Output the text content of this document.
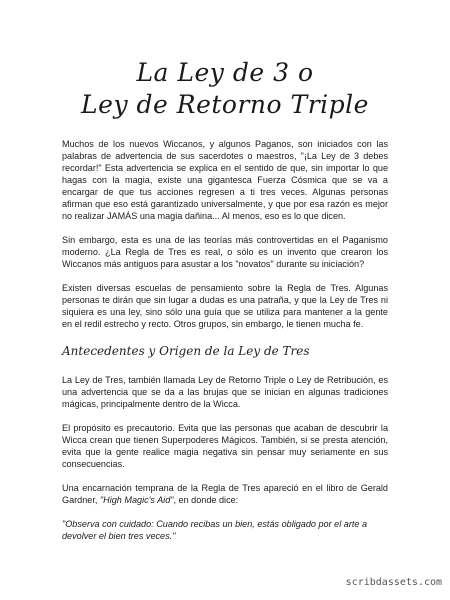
La Ley de 3 o
Ley de Retorno Triple

Muchos de los nuevos Wiccanos, y algunos Paganos, son iniciados con las palabras de advertencia de sus sacerdotes o maestros, "¡La Ley de 3 debes recordar!" Esta advertencia se explica en el sentido de que, sin importar lo que hagas con la magia, existe una gigantesca Fuerza Cósmica que se va a encargar de que tus acciones regresen a ti tres veces. Algunas personas afirman que eso está garantizado universalmente, y que por esa razón es mejor no realizar JAMÁS una magia dañina... Al menos, eso es lo que dicen.

Sin embargo, esta es una de las teorías más controvertidas en el Paganismo moderno. ¿La Regla de Tres es real, o sólo es un invento que crearon los Wiccanos más antiguos para asustar a los "novatos" durante su iniciación?

Existen diversas escuelas de pensamiento sobre la Regla de Tres. Algunas personas te dirán que sin lugar a dudas es una patraña, y que la Ley de Tres ni siquiera es una ley, sino sólo una guía que se utiliza para mantener a la gente en el redil estrecho y recto. Otros grupos, sin embargo, le tienen mucha fe.

Antecedentes y Origen de la Ley de Tres

La Ley de Tres, también llamada Ley de Retorno Triple o Ley de Retribución, es una advertencia que se da a las brujas que se inician en algunas tradiciones mágicas, principalmente dentro de la Wicca.

El propósito es precautorio. Evita que las personas que acaban de descubrir la Wicca crean que tienen Superpoderes Mágicos. También, si se presta atención, evita que la gente realice magia negativa sin pensar muy seriamente en sus consecuencias.

Una encarnación temprana de la Regla de Tres apareció en el libro de Gerald Gardner, "High Magic's Aid", en donde dice:

"Observa con cuidado: Cuando recibas un bien, estás obligado por el arte a devolver el bien tres veces."

scribdassets.com
